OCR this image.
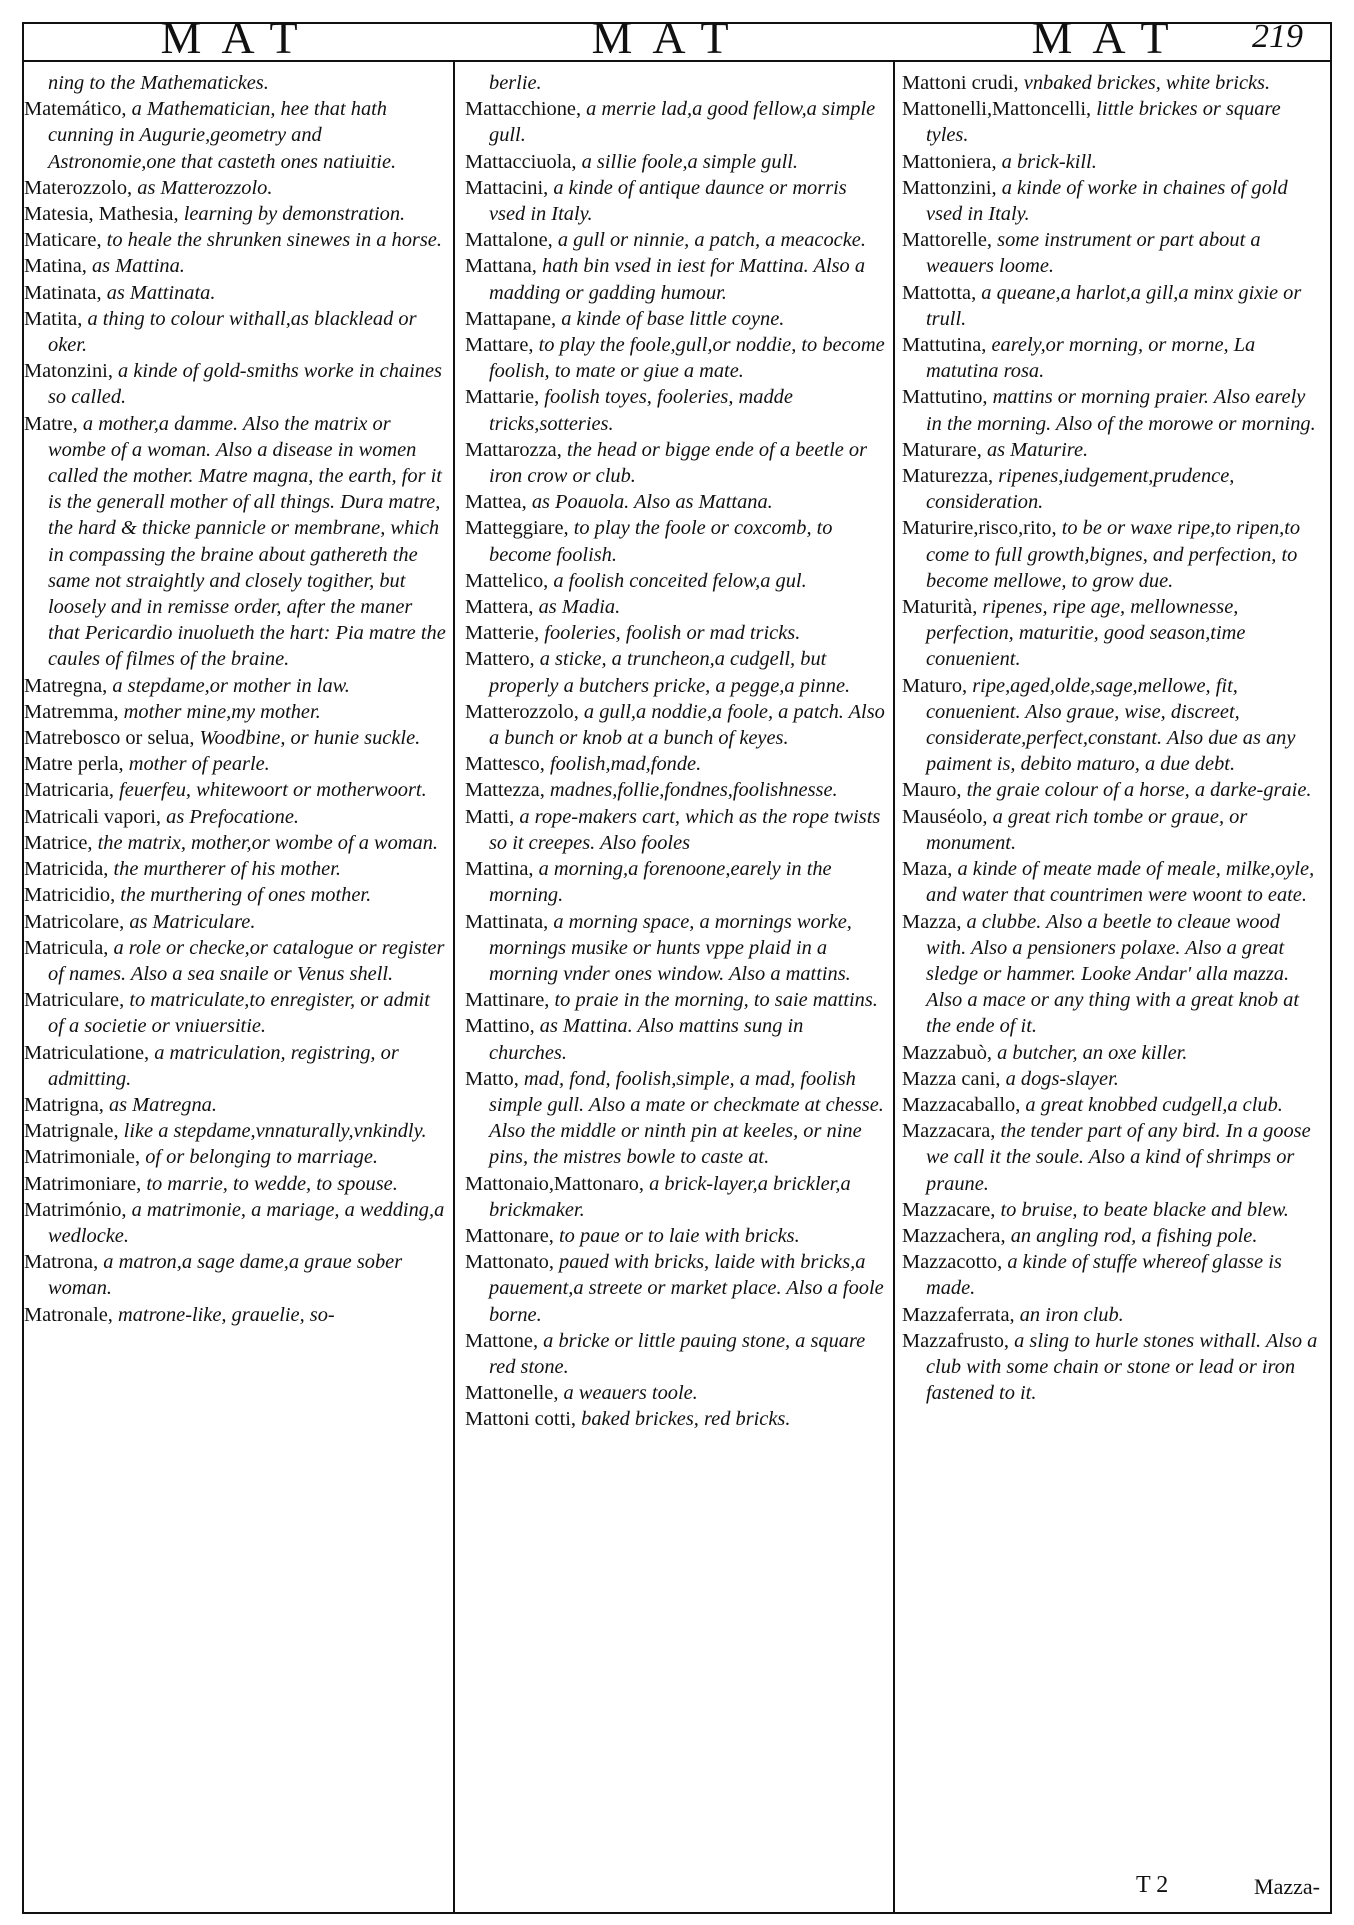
MAT	MAT	MAT	219
ning to the Mathematickes.
Matemático, a Mathematician, hee that hath cunning in Augurie,geometry and Astronomie,one that casteth ones natiuitie.
Materozzolo, as Matterozzolo.
Matesia, Mathesia, learning by demonstration.
Maticare, to heale the shrunken sinewes in a horse.
Matina, as Mattina.
Matinata, as Mattinata.
Matita, a thing to colour withall,as blacklead or oker.
Matonzini, a kinde of gold-smiths worke in chaines so called.
Matre, a mother,a damme. Also the matrix or wombe of a woman. Also a disease in women called the mother. Matre magna, the earth, for it is the generall mother of all things. Dura matre, the hard & thicke pannicle or membrane, which in compassing the braine about gathereth the same not straightly and closely togither, but loosely and in remisse order, after the maner that Pericardio inuolueth the hart: Pia matre the caules of filmes of the braine.
Matregna, a stepdame,or mother in law.
Matremma, mother mine,my mother.
Matrebosco or selua, Woodbine, or hunie suckle.
Matre perla, mother of pearle.
Matricaria, feuerfeu, whitewoort or motherwoort.
Matricali vapori, as Prefocatione.
Matrice, the matrix, mother,or wombe of a woman.
Matricida, the murtherer of his mother.
Matricidio, the murthering of ones mother.
Matricolare, as Matriculare.
Matricula, a role or checke,or catalogue or register of names. Also a sea snaile or Venus shell.
Matriculare, to matriculate,to enregister, or admit of a societie or vniuersitie.
Matriculatione, a matriculation, registring, or admitting.
Matrigna, as Matregna.
Matrignale, like a stepdame,vnnaturally,vnkindly.
Matrimoniale, of or belonging to marriage.
Matrimoniare, to marrie, to wedde, to spouse.
Matrimónio, a matrimonie, a mariage, a wedding,a wedlocke.
Matrona, a matron,a sage dame,a graue sober woman.
Matronale, matrone-like, grauelie, so-
berlie.
Mattacchione, a merrie lad,a good fellow,a simple gull.
Mattacciuola, a sillie foole,a simple gull.
Mattacini, a kinde of antique daunce or morris vsed in Italy.
Mattalone, a gull or ninnie, a patch, a meacocke.
Mattana, hath bin vsed in iest for Mattina. Also a madding or gadding humour.
Mattapane, a kinde of base little coyne.
Mattare, to play the foole,gull,or noddie, to become foolish, to mate or giue a mate.
Mattarie, foolish toyes, fooleries, madde tricks,sotteries.
Mattarozza, the head or bigge ende of a beetle or iron crow or club.
Mattea, as Poauola. Also as Mattana.
Matteggiare, to play the foole or coxcomb, to become foolish.
Mattelico, a foolish conceited felow,a gul.
Mattera, as Madia.
Matterie, fooleries, foolish or mad tricks.
Mattero, a sticke, a truncheon,a cudgell, but properly a butchers pricke, a pegge,a pinne.
Matterozzolo, a gull,a noddie,a foole, a patch. Also a bunch or knob at a bunch of keyes.
Mattesco, foolish,mad,fonde.
Mattezza, madnes,follie,fondnes,foolishnesse.
Matti, a rope-makers cart, which as the rope twists so it creepes. Also fooles
Mattina, a morning,a forenoone,earely in the morning.
Mattinata, a morning space, a mornings worke, mornings musike or hunts vppe plaid in a morning vnder ones window. Also a mattins.
Mattinare, to praie in the morning, to saie mattins.
Mattino, as Mattina. Also mattins sung in churches.
Matto, mad, fond, foolish,simple, a mad, foolish simple gull. Also a mate or checkmate at chesse. Also the middle or ninth pin at keeles, or nine pins, the mistres bowle to caste at.
Mattonaio,Mattonaro, a brick-layer,a brickler,a brickmaker.
Mattonare, to paue or to laie with bricks.
Mattonato, paued with bricks, laide with bricks,a pauement,a streete or market place. Also a foole borne.
Mattone, a bricke or little pauing stone, a square red stone.
Mattonelle, a weauers toole.
Mattoni cotti, baked brickes, red bricks.
Mattoni crudi, vnbaked brickes, white bricks.
Mattonelli,Mattoncelli, little brickes or square tyles.
Mattoniera, a brick-kill.
Mattonzini, a kinde of worke in chaines of gold vsed in Italy.
Mattorelle, some instrument or part about a weauers loome.
Mattotta, a queane,a harlot,a gill,a minx gixie or trull.
Mattutina, earely,or morning, or morne, La matutina rosa.
Mattutino, mattins or morning praier. Also earely in the morning. Also of the morowe or morning.
Maturare, as Maturire.
Maturezza, ripenes,iudgement,prudence, consideration.
Maturire,risco,rito, to be or waxe ripe,to ripen,to come to full growth,bignes, and perfection, to become mellowe, to grow due.
Maturità, ripenes, ripe age, mellownesse, perfection, maturitie, good season,time conuenient.
Maturo, ripe,aged,olde,sage,mellowe, fit, conuenient. Also graue, wise, discreet, considerate,perfect,constant. Also due as any paiment is, debito maturo, a due debt.
Mauro, the graie colour of a horse, a darke-graie.
Mauséolo, a great rich tombe or graue, or monument.
Maza, a kinde of meate made of meale, milke,oyle, and water that countrimen were woont to eate.
Mazza, a clubbe. Also a beetle to cleaue wood with. Also a pensioners polaxe. Also a great sledge or hammer. Looke Andar' alla mazza. Also a mace or any thing with a great knob at the ende of it.
Mazzabuò, a butcher, an oxe killer.
Mazza cani, a dogs-slayer.
Mazzacaballo, a great knobbed cudgell,a club.
Mazzacara, the tender part of any bird. In a goose we call it the soule. Also a kind of shrimps or praune.
Mazzacare, to bruise, to beate blacke and blew.
Mazzachera, an angling rod, a fishing pole.
Mazzacotto, a kinde of stuffe whereof glasse is made.
Mazzaferrata, an iron club.
Mazzafrusto, a sling to hurle stones withall. Also a club with some chain or stone or lead or iron fastened to it.
T 2	Mazza-
